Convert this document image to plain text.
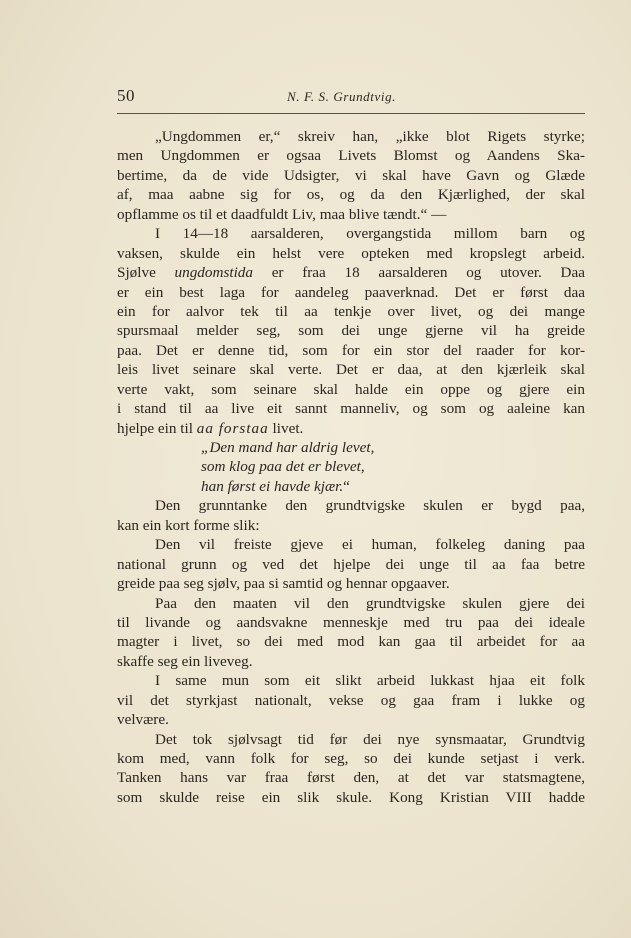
50	N. F. S. Grundtvig.
„Ungdommen er,“ skreiv han, „ikke blot Rigets styrke;
men Ungdommen er ogsaa Livets Blomst og Aandens Ska-
bertime, da de vide Udsigter, vi skal have Gavn og Glæde
af, maa aabne sig for os, og da den Kjærlighed, der skal
opflamme os til et daadfuldt Liv, maa blive tændt.“ —
I 14—18 aarsalderen, overgangstida millom barn og
vaksen, skulde ein helst vere opteken med kropslegt arbeid.
Sjølve ungdomstida er fraa 18 aarsalderen og utover. Daa
er ein best laga for aandeleg paaverknad. Det er først daa
ein for aalvor tek til aa tenkje over livet, og dei mange
spursmaal melder seg, som dei unge gjerne vil ha greide
paa. Det er denne tid, som for ein stor del raader for kor-
leis livet seinare skal verte. Det er daa, at den kjærleik skal
verte vakt, som seinare skal halde ein oppe og gjere ein
i stand til aa live eit sannt manneliv, og som og aaleine kan
hjelpe ein til aa forstaa livet.
„Den mand har aldrig levet,
som klog paa det er blevet,
han først ei havde kjær.“
Den grunntanke den grundtvigske skulen er bygd paa,
kan ein kort forme slik:
Den vil freiste gjeve ei human, folkeleg daning paa
national grunn og ved det hjelpe dei unge til aa faa betre
greide paa seg sjølv, paa si samtid og hennar opgaaver.
Paa den maaten vil den grundtvigske skulen gjere dei
til livande og aandsvakne menneskje med tru paa dei ideale
magter i livet, so dei med mod kan gaa til arbeidet for aa
skaffe seg ein liveveg.
I same mun som eit slikt arbeid lukkast hjaa eit folk
vil det styrkjast nationalt, vekse og gaa fram i lukke og
velvære.
Det tok sjølvsagt tid før dei nye synsmaatar, Grundtvig
kom med, vann folk for seg, so dei kunde setjast i verk.
Tanken hans var fraa først den, at det var statsmagtene,
som skulde reise ein slik skule. Kong Kristian VIII hadde
